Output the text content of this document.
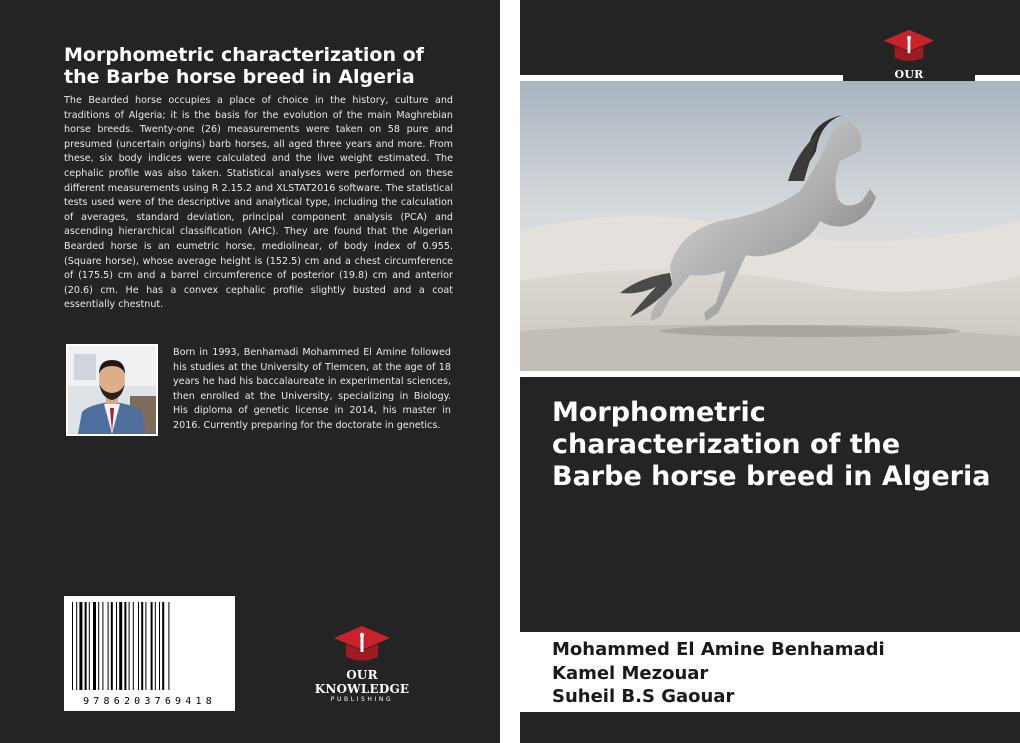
Morphometric characterization of the Barbe horse breed in Algeria

The Bearded horse occupies a place of choice in the history, culture and traditions of Algeria; it is the basis for the evolution of the main Maghrebian horse breeds. Twenty-one (26) measurements were taken on 58 pure and presumed (uncertain origins) barb horses, all aged three years and more. From these, six body indices were calculated and the live weight estimated. The cephalic profile was also taken. Statistical analyses were performed on these different measurements using R 2.15.2 and XLSTAT2016 software. The statistical tests used were of the descriptive and analytical type, including the calculation of averages, standard deviation, principal component analysis (PCA) and ascending hierarchical classification (AHC). They are found that the Algerian Bearded horse is an eumetric horse, mediolinear, of body index of 0.955. (Square horse), whose average height is (152.5) cm and a chest circumference of (175.5) cm and a barrel circumference of posterior (19.8) cm and anterior (20.6) cm. He has a convex cephalic profile slightly busted and a coat essentially chestnut.

Born in 1993, Benhamadi Mohammed El Amine followed his studies at the University of Tlemcen, at the age of 18 years he had his baccalaureate in experimental sciences, then enrolled at the University, specializing in Biology. His diploma of genetic license in 2014, his master in 2016. Currently preparing for the doctorate in genetics.

9786203769418
OUR KNOWLEDGE
PUBLISHING
OUR
Morphometric characterization of the Barbe horse breed in Algeria
Mohammed El Amine Benhamadi
Kamel Mezouar
Suheil B.S Gaouar
